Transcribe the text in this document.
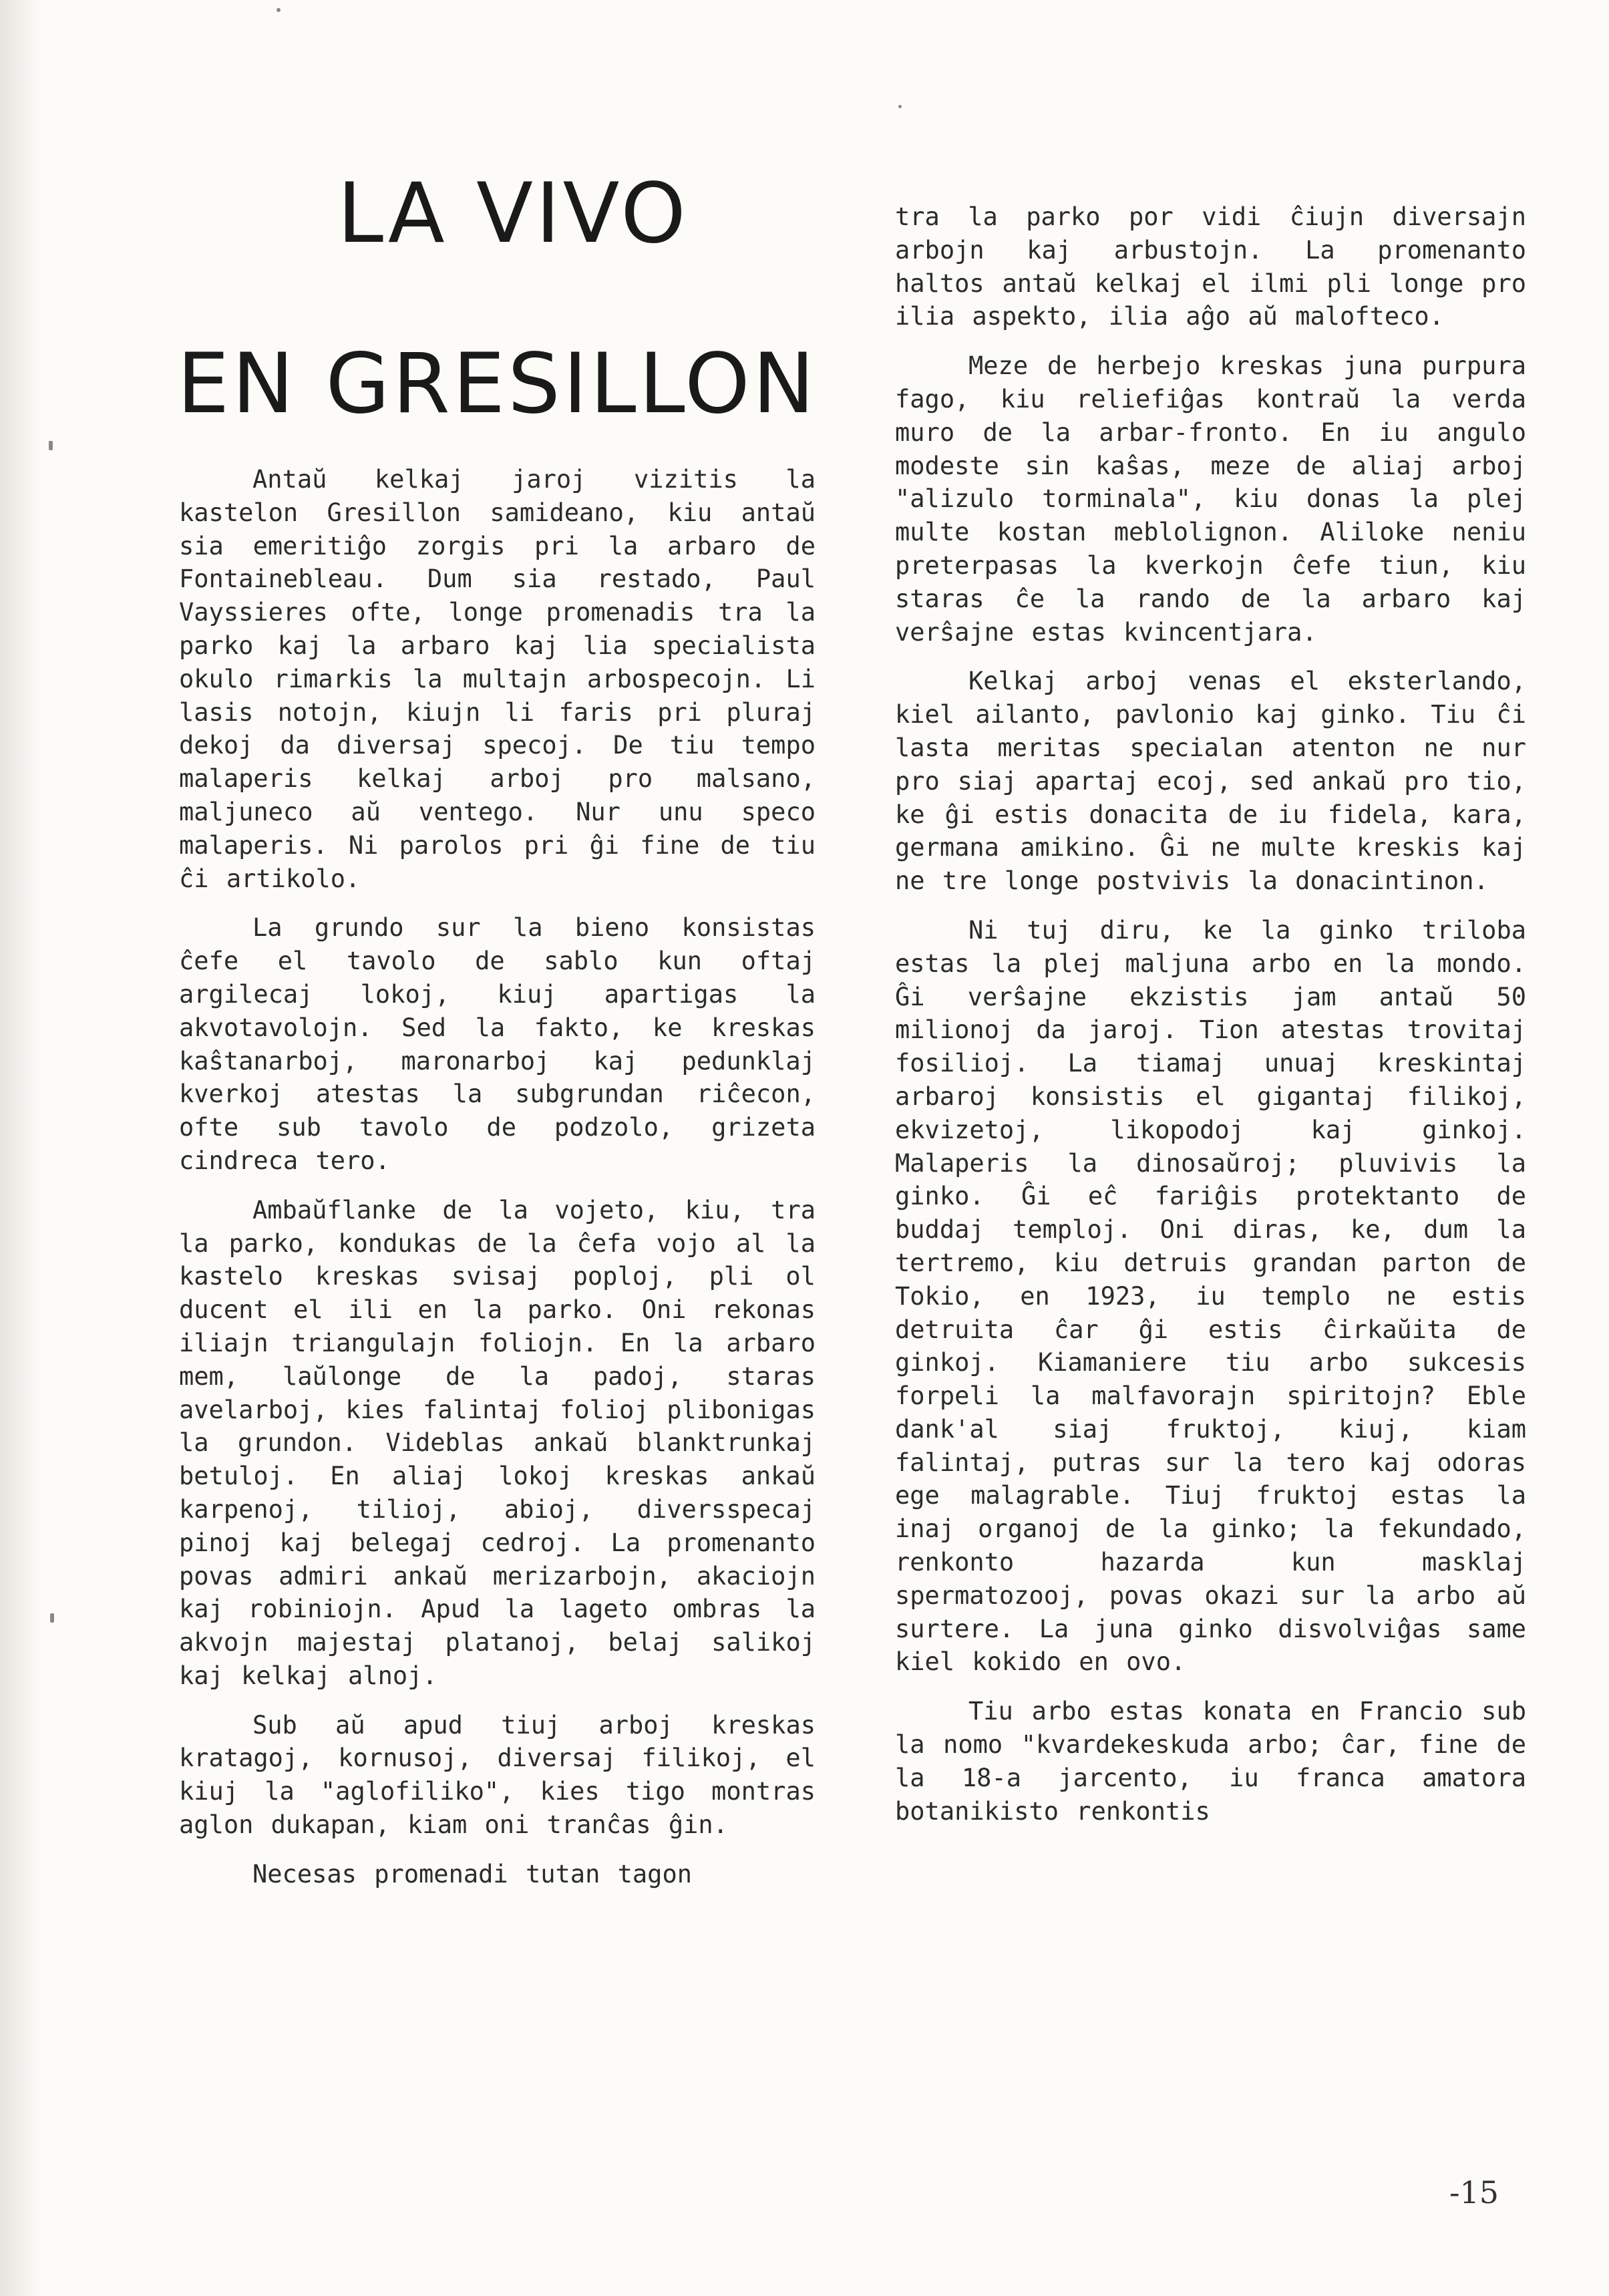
LA VIVO
EN GRESILLON

Antaŭ kelkaj jaroj vizitis la kastelon Gresillon samideano, kiu antaŭ sia emeritiĝo zorgis pri la arbaro de Fontainebleau. Dum sia restado, Paul Vayssieres ofte, longe promenadis tra la parko kaj la arbaro kaj lia specialista okulo rimarkis la multajn arbospecojn. Li lasis notojn, kiujn li faris pri pluraj dekoj da diversaj specoj. De tiu tempo malaperis kelkaj arboj pro malsano, maljuneco aŭ ventego. Nur unu speco malaperis. Ni parolos pri ĝi fine de tiu ĉi artikolo.

La grundo sur la bieno konsistas ĉefe el tavolo de sablo kun oftaj argilecaj lokoj, kiuj apartigas la akvotavolojn. Sed la fakto, ke kreskas kaŝtanarboj, maronarboj kaj pedunklaj kverkoj atestas la subgrundan riĉecon, ofte sub tavolo de podzolo, grizeta cindreca tero.

Ambaŭflanke de la vojeto, kiu, tra la parko, kondukas de la ĉefa vojo al la kastelo kreskas svisaj poploj, pli ol ducent el ili en la parko. Oni rekonas iliajn triangulajn foliojn. En la arbaro mem, laŭlonge de la padoj, staras avelarboj, kies falintaj folioj plibonigas la grundon. Videblas ankaŭ blanktrunkaj betuloj. En aliaj lokoj kreskas ankaŭ karpenoj, tilioj, abioj, diversspecaj pinoj kaj belegaj cedroj. La promenanto povas admiri ankaŭ merizarbojn, akaciojn kaj robiniojn. Apud la lageto ombras la akvojn majestaj platanoj, belaj salikoj kaj kelkaj alnoj.

Sub aŭ apud tiuj arboj kreskas kratagoj, kornusoj, diversaj filikoj, el kiuj la "aglofiliko", kies tigo montras aglon dukapan, kiam oni tranĉas ĝin.

Necesas promenadi tutan tagon

tra la parko por vidi ĉiujn diversajn arbojn kaj arbustojn. La promenanto haltos antaŭ kelkaj el ilmi pli longe pro ilia aspekto, ilia aĝo aŭ malofteco.

Meze de herbejo kreskas juna purpura fago, kiu reliefiĝas kontraŭ la verda muro de la arbar-fronto. En iu angulo modeste sin kaŝas, meze de aliaj arboj "alizulo torminala", kiu donas la plej multe kostan meblolignon. Aliloke neniu preterpasas la kverkojn ĉefe tiun, kiu staras ĉe la rando de la arbaro kaj verŝajne estas kvincentjara.

Kelkaj arboj venas el eksterlando, kiel ailanto, pavlonio kaj ginko. Tiu ĉi lasta meritas specialan atenton ne nur pro siaj apartaj ecoj, sed ankaŭ pro tio, ke ĝi estis donacita de iu fidela, kara, germana amikino. Ĝi ne multe kreskis kaj ne tre longe postvivis la donacintinon.

Ni tuj diru, ke la ginko triloba estas la plej maljuna arbo en la mondo. Ĝi verŝajne ekzistis jam antaŭ 50 milionoj da jaroj. Tion atestas trovitaj fosilioj. La tiamaj unuaj kreskintaj arbaroj konsistis el gigantaj filikoj, ekvizetoj, likopodoj kaj ginkoj. Malaperis la dinosaŭroj; pluvivis la ginko. Ĝi eĉ fariĝis protektanto de buddaj temploj. Oni diras, ke, dum la tertremo, kiu detruis grandan parton de Tokio, en 1923, iu templo ne estis detruita ĉar ĝi estis ĉirkaŭita de ginkoj. Kiamaniere tiu arbo sukcesis forpeli la malfavorajn spiritojn? Eble dank'al siaj fruktoj, kiuj, kiam falintaj, putras sur la tero kaj odoras ege malagrable. Tiuj fruktoj estas la inaj organoj de la ginko; la fekundado, renkonto hazarda kun masklaj spermatozooj, povas okazi sur la arbo aŭ surtere. La juna ginko disvolviĝas same kiel kokido en ovo.

Tiu arbo estas konata en Francio sub la nomo "kvardekeskuda arbo; ĉar, fine de la 18-a jarcento, iu franca amatora botanikisto renkontis

-15
